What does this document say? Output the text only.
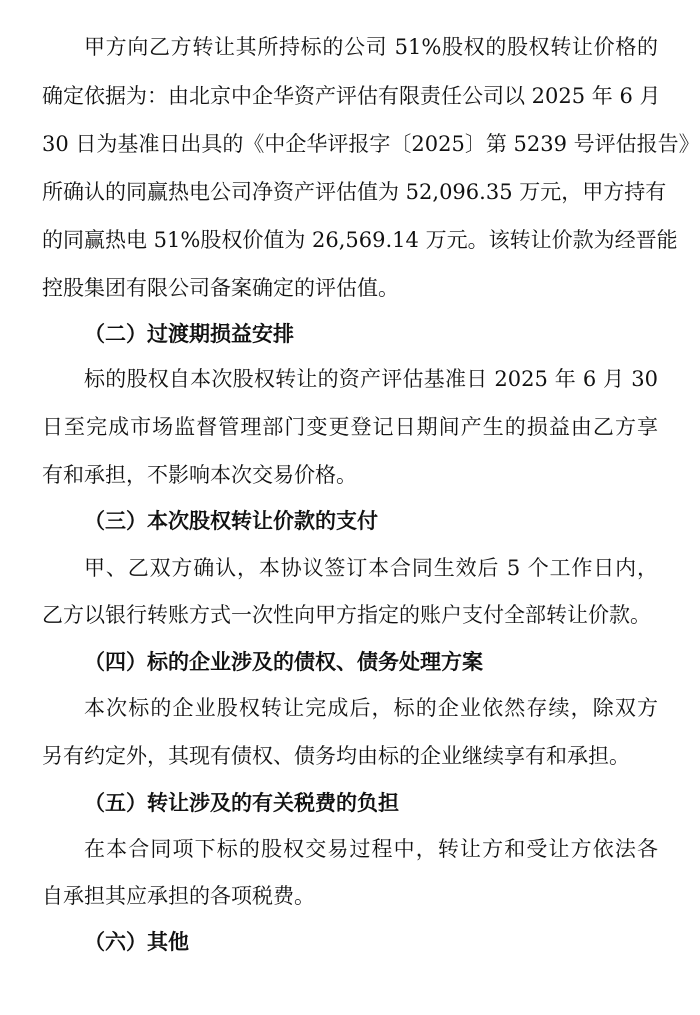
甲方向乙方转让其所持标的公司 51%股权的股权转让价格的
确定依据为：由北京中企华资产评估有限责任公司以 2025 年 6 月
30 日为基准日出具的《中企华评报字〔2025〕第 5239 号评估报告》
所确认的同赢热电公司净资产评估值为 52,096.35 万元，甲方持有
的同赢热电 51%股权价值为 26,569.14 万元。该转让价款为经晋能
控股集团有限公司备案确定的评估值。
（二）过渡期损益安排
标的股权自本次股权转让的资产评估基准日 2025 年 6 月 30
日至完成市场监督管理部门变更登记日期间产生的损益由乙方享
有和承担，不影响本次交易价格。
（三）本次股权转让价款的支付
甲、乙双方确认，本协议签订本合同生效后 5 个工作日内，
乙方以银行转账方式一次性向甲方指定的账户支付全部转让价款。
（四）标的企业涉及的债权、债务处理方案
本次标的企业股权转让完成后，标的企业依然存续，除双方
另有约定外，其现有债权、债务均由标的企业继续享有和承担。
（五）转让涉及的有关税费的负担
在本合同项下标的股权交易过程中，转让方和受让方依法各
自承担其应承担的各项税费。
（六）其他
